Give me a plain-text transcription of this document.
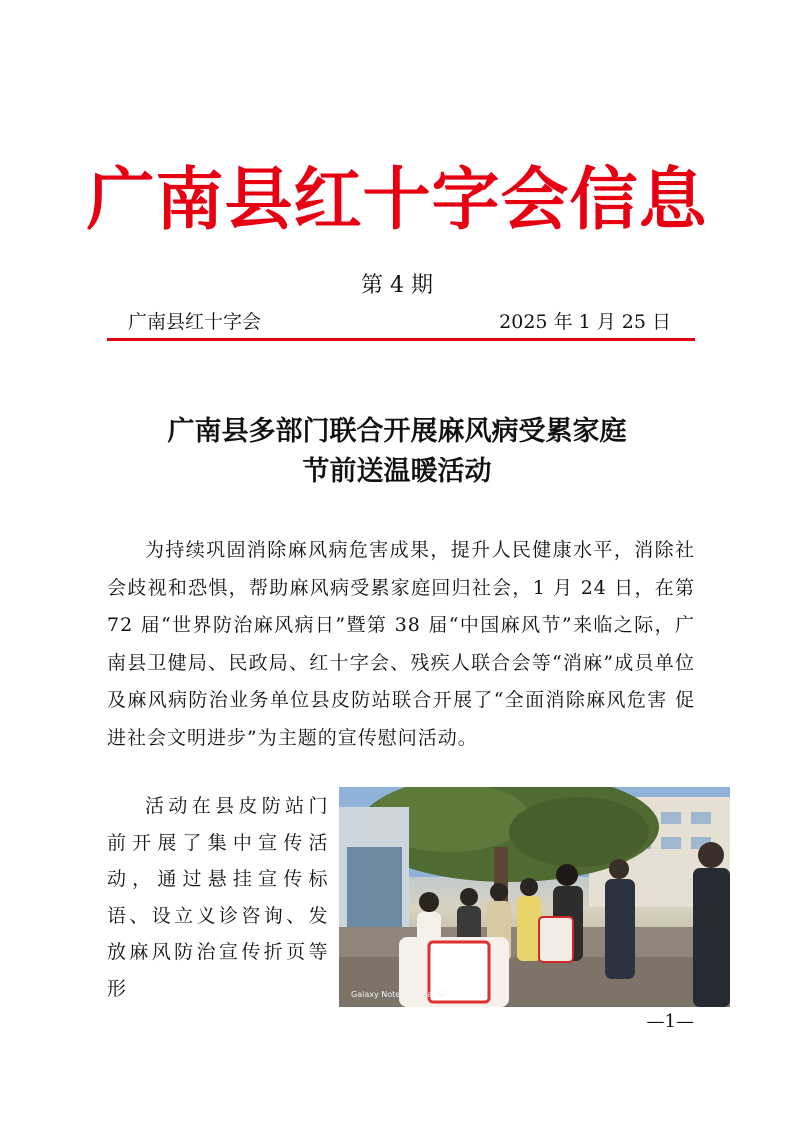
广南县红十字会信息
第 4 期
广南县红十字会	2025 年 1 月 25 日
广南县多部门联合开展麻风病受累家庭
节前送温暖活动

为持续巩固消除麻风病危害成果，提升人民健康水平，消除社会歧视和恐惧，帮助麻风病受累家庭回归社会，1 月 24 日，在第 72 届“世界防治麻风病日”暨第 38 届“中国麻风节”来临之际，广南县卫健局、民政局、红十字会、残疾人联合会等“消麻”成员单位及麻风病防治业务单位县皮防站联合开展了“全面消除麻风危害 促进社会文明进步”为主题的宣传慰问活动。

活动在县皮防站门前开展了集中宣传活动，通过悬挂宣传标语、设立义诊咨询、发放麻风防治宣传折页等形	Galaxy Note20 Ultra 5G
—1—
